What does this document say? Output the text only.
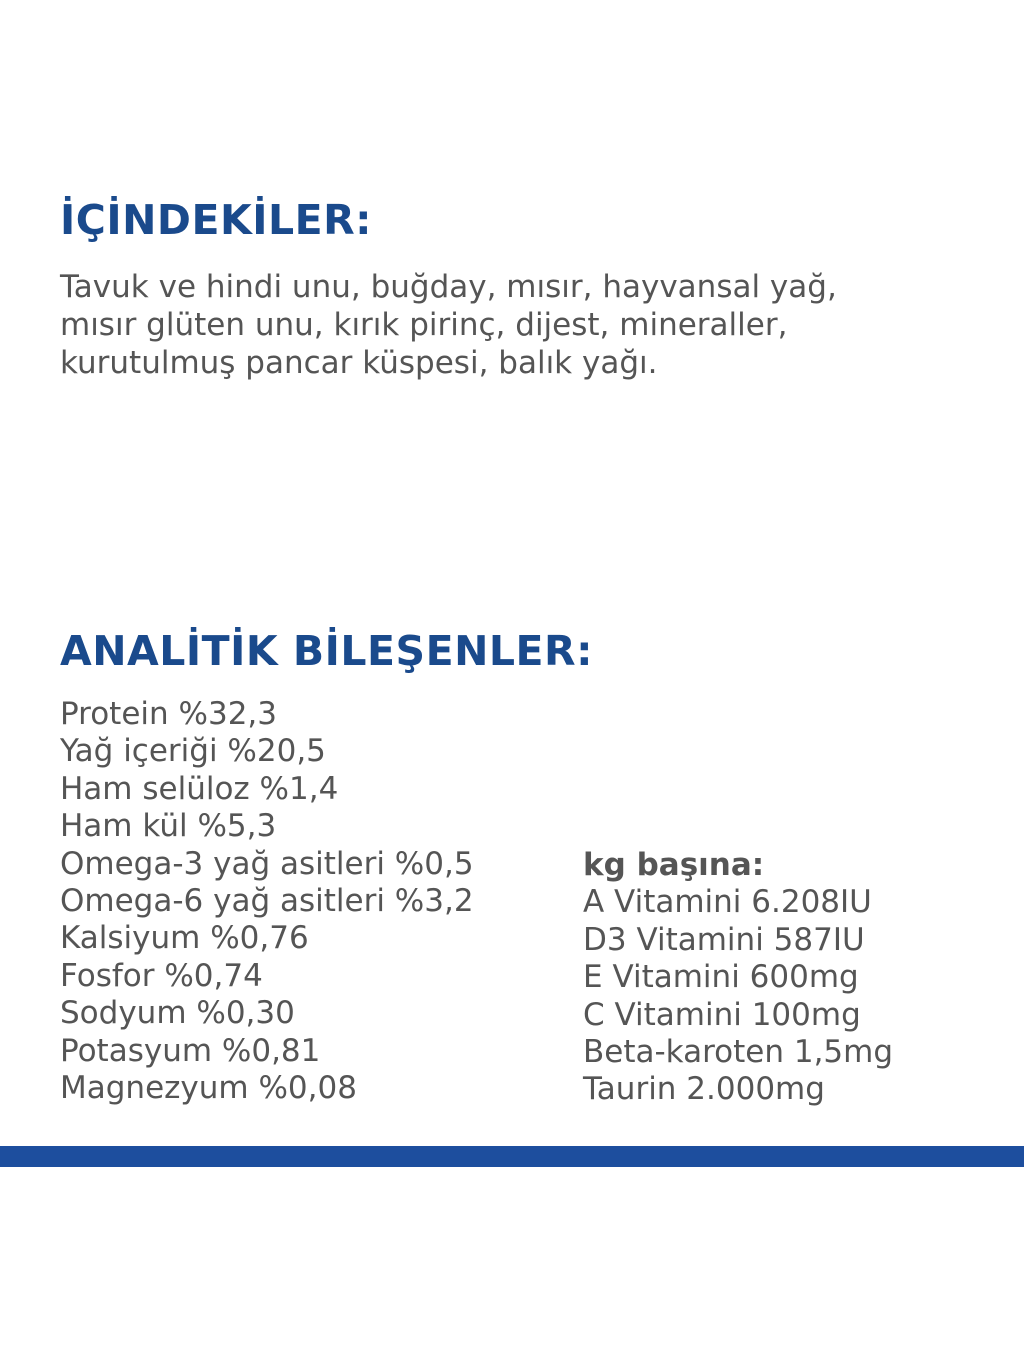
İÇİNDEKİLER:

Tavuk ve hindi unu, buğday, mısır, hayvansal yağ,
mısır glüten unu, kırık pirinç, dijest, mineraller,
kurutulmuş pancar küspesi, balık yağı.

ANALİTİK BİLEŞENLER:
Protein %32,3
Yağ içeriği %20,5
Ham selüloz %1,4
Ham kül %5,3
Omega-3 yağ asitleri %0,5
Omega-6 yağ asitleri %3,2
Kalsiyum %0,76
Fosfor %0,74
Sodyum %0,30
Potasyum %0,81
Magnezyum %0,08
kg başına:
A Vitamini 6.208IU
D3 Vitamini 587IU
E Vitamini 600mg
C Vitamini 100mg
Beta-karoten 1,5mg
Taurin 2.000mg
